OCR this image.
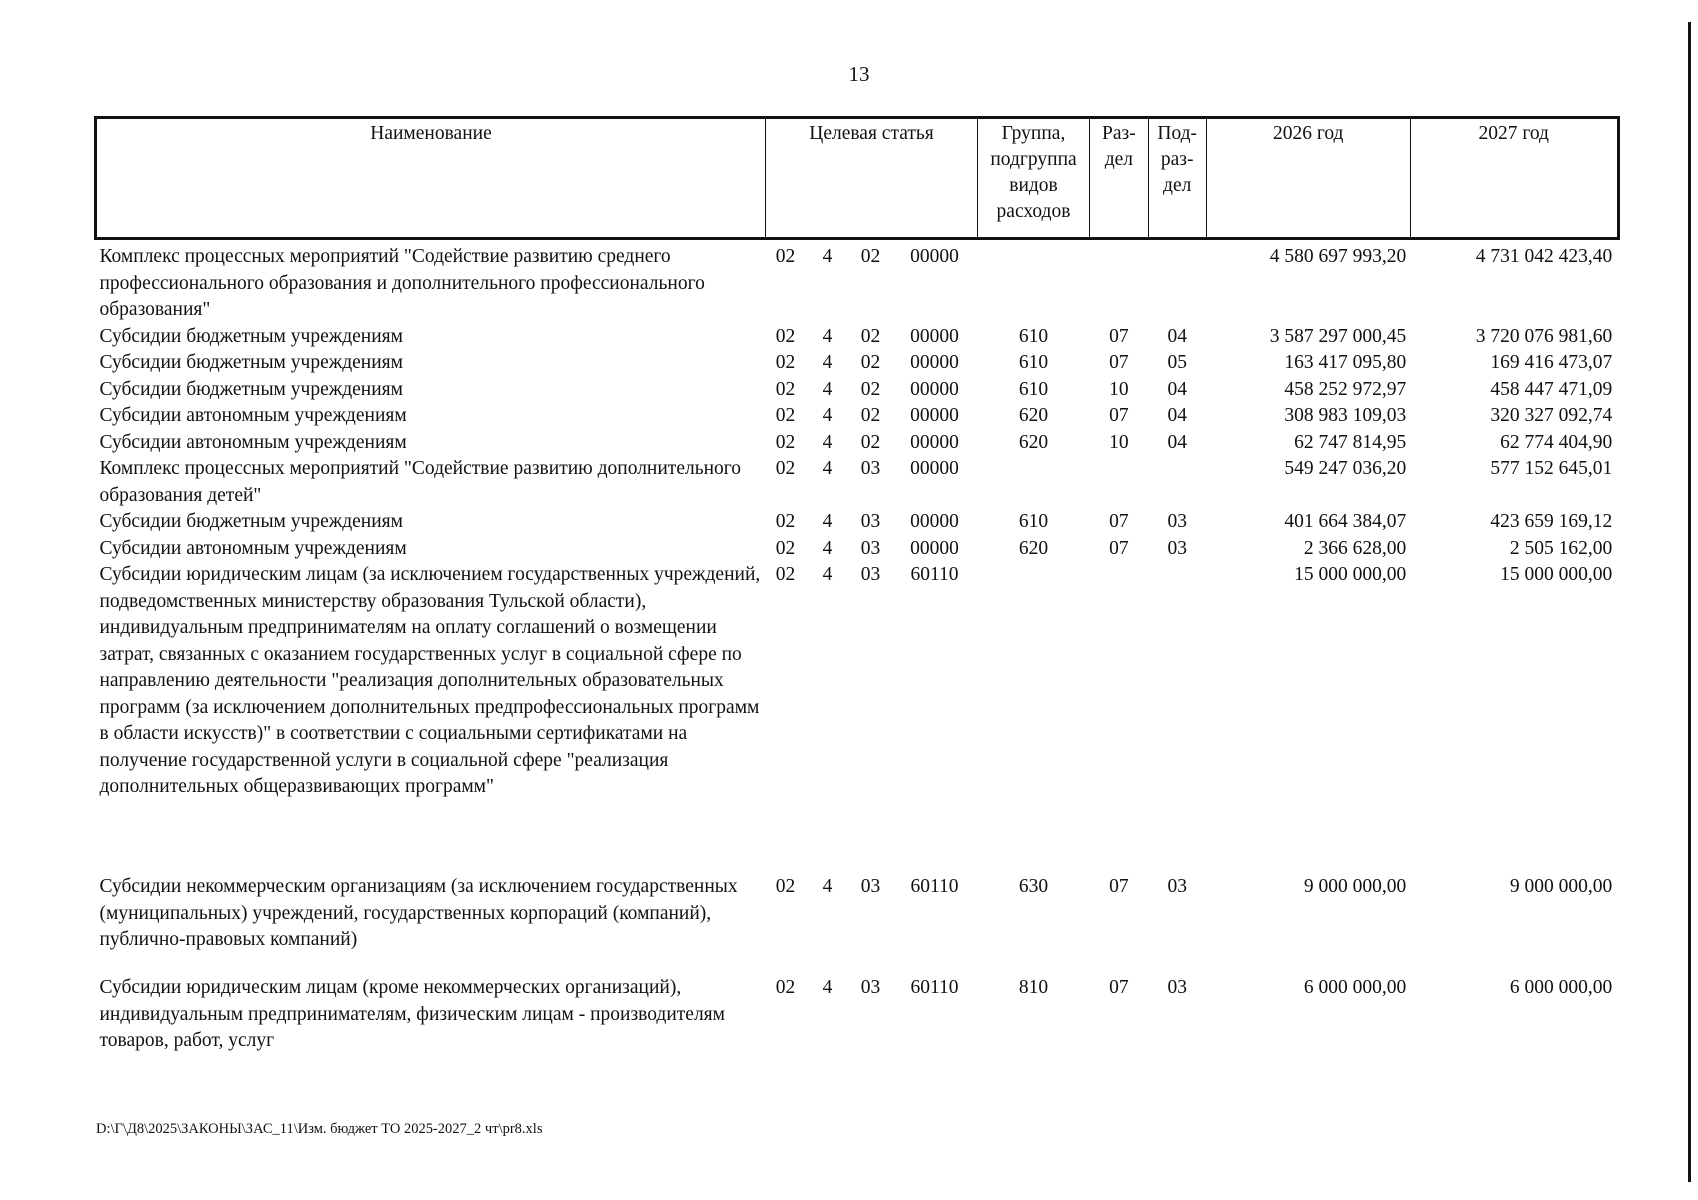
13
Наименование	Целевая статья				Группа, подгруппа видов расходов	Раз-дел	Под-раз-дел	2026 год	2027 год

Комплекс процессных мероприятий "Содействие развитию среднего профессионального образования и дополнительного профессионального образования"	02	4	02	00000				4 580 697 993,20	4 731 042 423,40
Субсидии бюджетным учреждениям	02	4	02	00000	610	07	04	3 587 297 000,45	3 720 076 981,60
Субсидии бюджетным учреждениям	02	4	02	00000	610	07	05	163 417 095,80	169 416 473,07
Субсидии бюджетным учреждениям	02	4	02	00000	610	10	04	458 252 972,97	458 447 471,09
Субсидии автономным учреждениям	02	4	02	00000	620	07	04	308 983 109,03	320 327 092,74
Субсидии автономным учреждениям	02	4	02	00000	620	10	04	62 747 814,95	62 774 404,90
Комплекс процессных мероприятий "Содействие развитию дополнительного образования детей"	02	4	03	00000				549 247 036,20	577 152 645,01
Субсидии бюджетным учреждениям	02	4	03	00000	610	07	03	401 664 384,07	423 659 169,12
Субсидии автономным учреждениям	02	4	03	00000	620	07	03	2 366 628,00	2 505 162,00
Субсидии юридическим лицам (за исключением государственных учреждений, подведомственных министерству образования Тульской области), индивидуальным предпринимателям на оплату соглашений о возмещении затрат, связанных с оказанием государственных услуг в социальной сфере по направлению деятельности "реализация дополнительных образовательных программ (за исключением дополнительных предпрофессиональных программ в области искусств)" в соответствии с социальными сертификатами на получение государственной услуги в социальной сфере "реализация дополнительных общеразвивающих программ"	02	4	03	60110				15 000 000,00	15 000 000,00
Субсидии некоммерческим организациям (за исключением государственных (муниципальных) учреждений, государственных корпораций (компаний), публично-правовых компаний)	02	4	03	60110	630	07	03	9 000 000,00	9 000 000,00
Субсидии юридическим лицам (кроме некоммерческих организаций), индивидуальным предпринимателям, физическим лицам - производителям товаров, работ, услуг	02	4	03	60110	810	07	03	6 000 000,00	6 000 000,00
D:\Г\Д8\2025\ЗАКОНЫ\ЗАС_11\Изм. бюджет ТО 2025-2027_2 чт\pr8.xls
